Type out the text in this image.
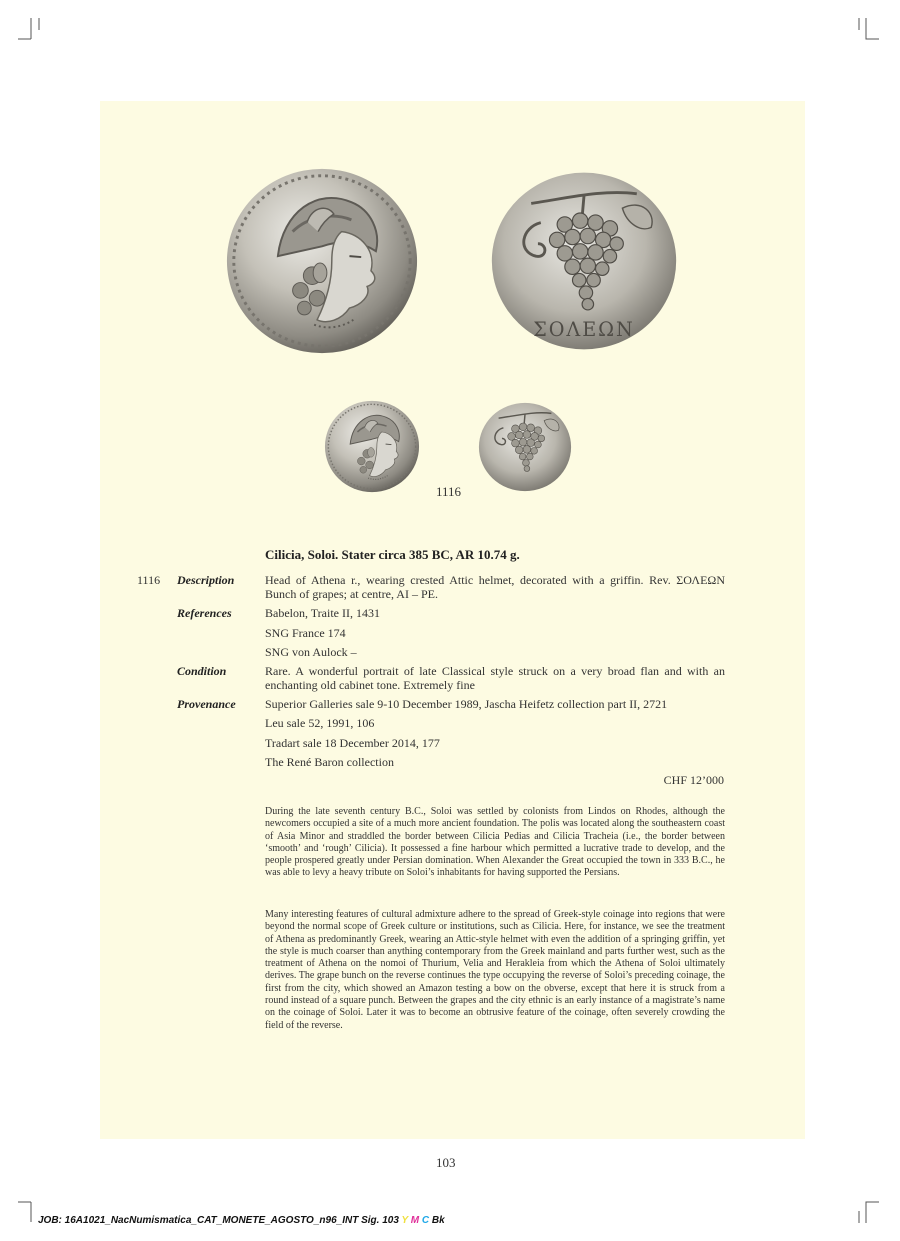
ΣΟΛΕΩΝ
1116
Cilicia, Soloi. Stater circa 385 BC, AR 10.74 g.
1116 Description	Head of Athena r., wearing crested Attic helmet, decorated with a griffin. Rev. ΣΟΛΕΩΝ Bunch of grapes; at centre, AI – PE.
References	Babelon, Traite II, 1431
SNG France 174
SNG von Aulock –
Condition	Rare. A wonderful portrait of late Classical style struck on a very broad flan and with an enchanting old cabinet tone. Extremely fine
Provenance Superior Galleries sale 9-10 December 1989, Jascha Heifetz collection part II, 2721
Leu sale 52, 1991, 106
Tradart sale 18 December 2014, 177
The René Baron collection
CHF 12’000

During the late seventh century B.C., Soloi was settled by colonists from Lindos on Rhodes, although the newcomers occupied a site of a much more ancient foundation. The polis was located along the southeastern coast of Asia Minor and straddled the border between Cilicia Pedias and Cilicia Tracheia (i.e., the border between ‘smooth’ and ‘rough’ Cilicia). It possessed a fine harbour which permitted a lucrative trade to develop, and the people prospered greatly under Persian domination. When Alexander the Great occupied the town in 333 B.C., he was able to levy a heavy tribute on Soloi’s inhabitants for having supported the Persians.

Many interesting features of cultural admixture adhere to the spread of Greek-style coinage into regions that were beyond the normal scope of Greek culture or institutions, such as Cilicia. Here, for instance, we see the treatment of Athena as predominantly Greek, wearing an Attic-style helmet with even the addition of a springing griffin, yet the style is much coarser than anything contemporary from the Greek mainland and parts further west, such as the treatment of Athena on the nomoi of Thurium, Velia and Herakleia from which the Athena of Soloi ultimately derives. The grape bunch on the reverse continues the type occupying the reverse of Soloi’s preceding coinage, the first from the city, which showed an Amazon testing a bow on the obverse, except that here it is struck from a round instead of a square punch. Between the grapes and the city ethnic is an early instance of a magistrate’s name on the coinage of Soloi. Later it was to become an obtrusive feature of the coinage, often severely crowding the field of the reverse.

103
JOB: 16A1021_NacNumismatica_CAT_MONETE_AGOSTO_n96_INT Sig. 103 Y M C Bk
